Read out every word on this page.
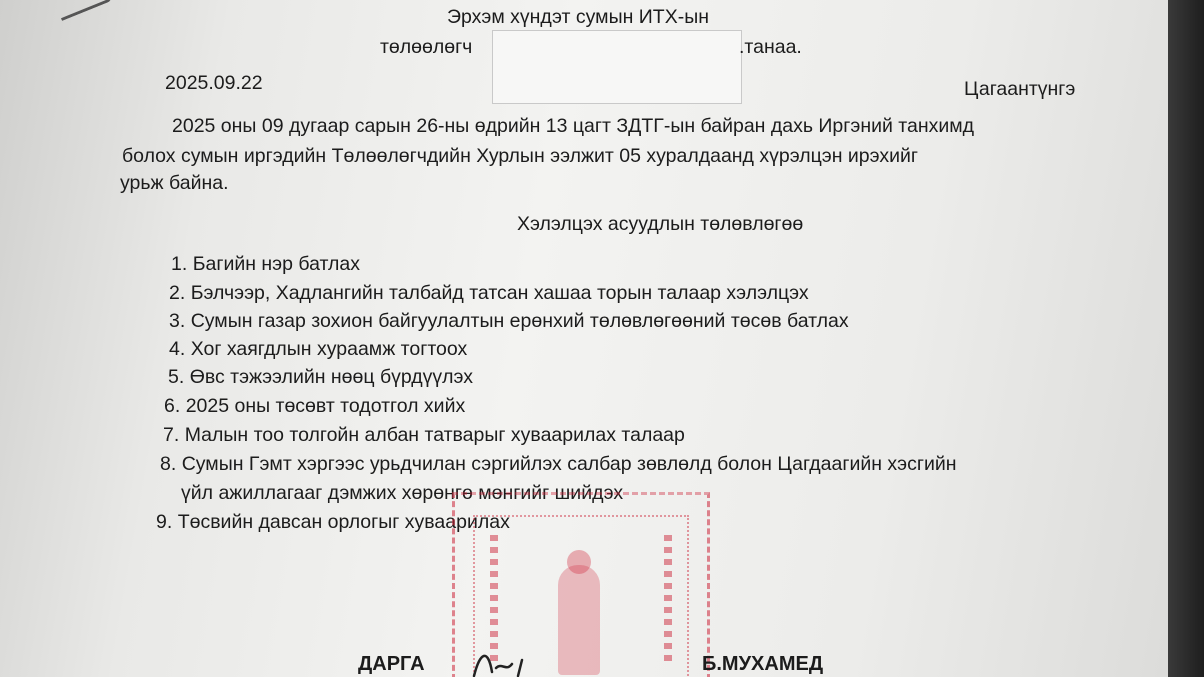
Эрхэм хүндэт сумын ИТХ-ын
төлөөлөгч	.танаа.
2025.09.22	Цагаантүнгэ
2025 оны 09 дугаар сарын 26-ны өдрийн 13 цагт ЗДТГ-ын байран дахь Иргэний танхимд
болох сумын иргэдийн Төлөөлөгчдийн Хурлын ээлжит 05 хуралдаанд хүрэлцэн ирэхийг
урьж байна.
Хэлэлцэх асуудлын төлөвлөгөө
1. Багийн нэр батлах
2. Бэлчээр, Хадлангийн талбайд татсан хашаа торын талаар хэлэлцэх
3. Сумын газар зохион байгуулалтын ерөнхий төлөвлөгөөний төсөв батлах
4. Хог хаягдлын хураамж тогтоох
5. Өвс тэжээлийн нөөц бүрдүүлэх
6. 2025 оны төсөвт тодотгол хийх
7. Малын тоо толгойн албан татварыг хуваарилах талаар
8. Сумын Гэмт хэргээс урьдчилан сэргийлэх салбар зөвлөлд болон Цагдаагийн хэсгийн
үйл ажиллагааг дэмжих хөрөнгө мөнгийг шийдэх
9. Төсвийн давсан орлогыг хуваарилах
ДАРГА	Б.МУХАМЕД
